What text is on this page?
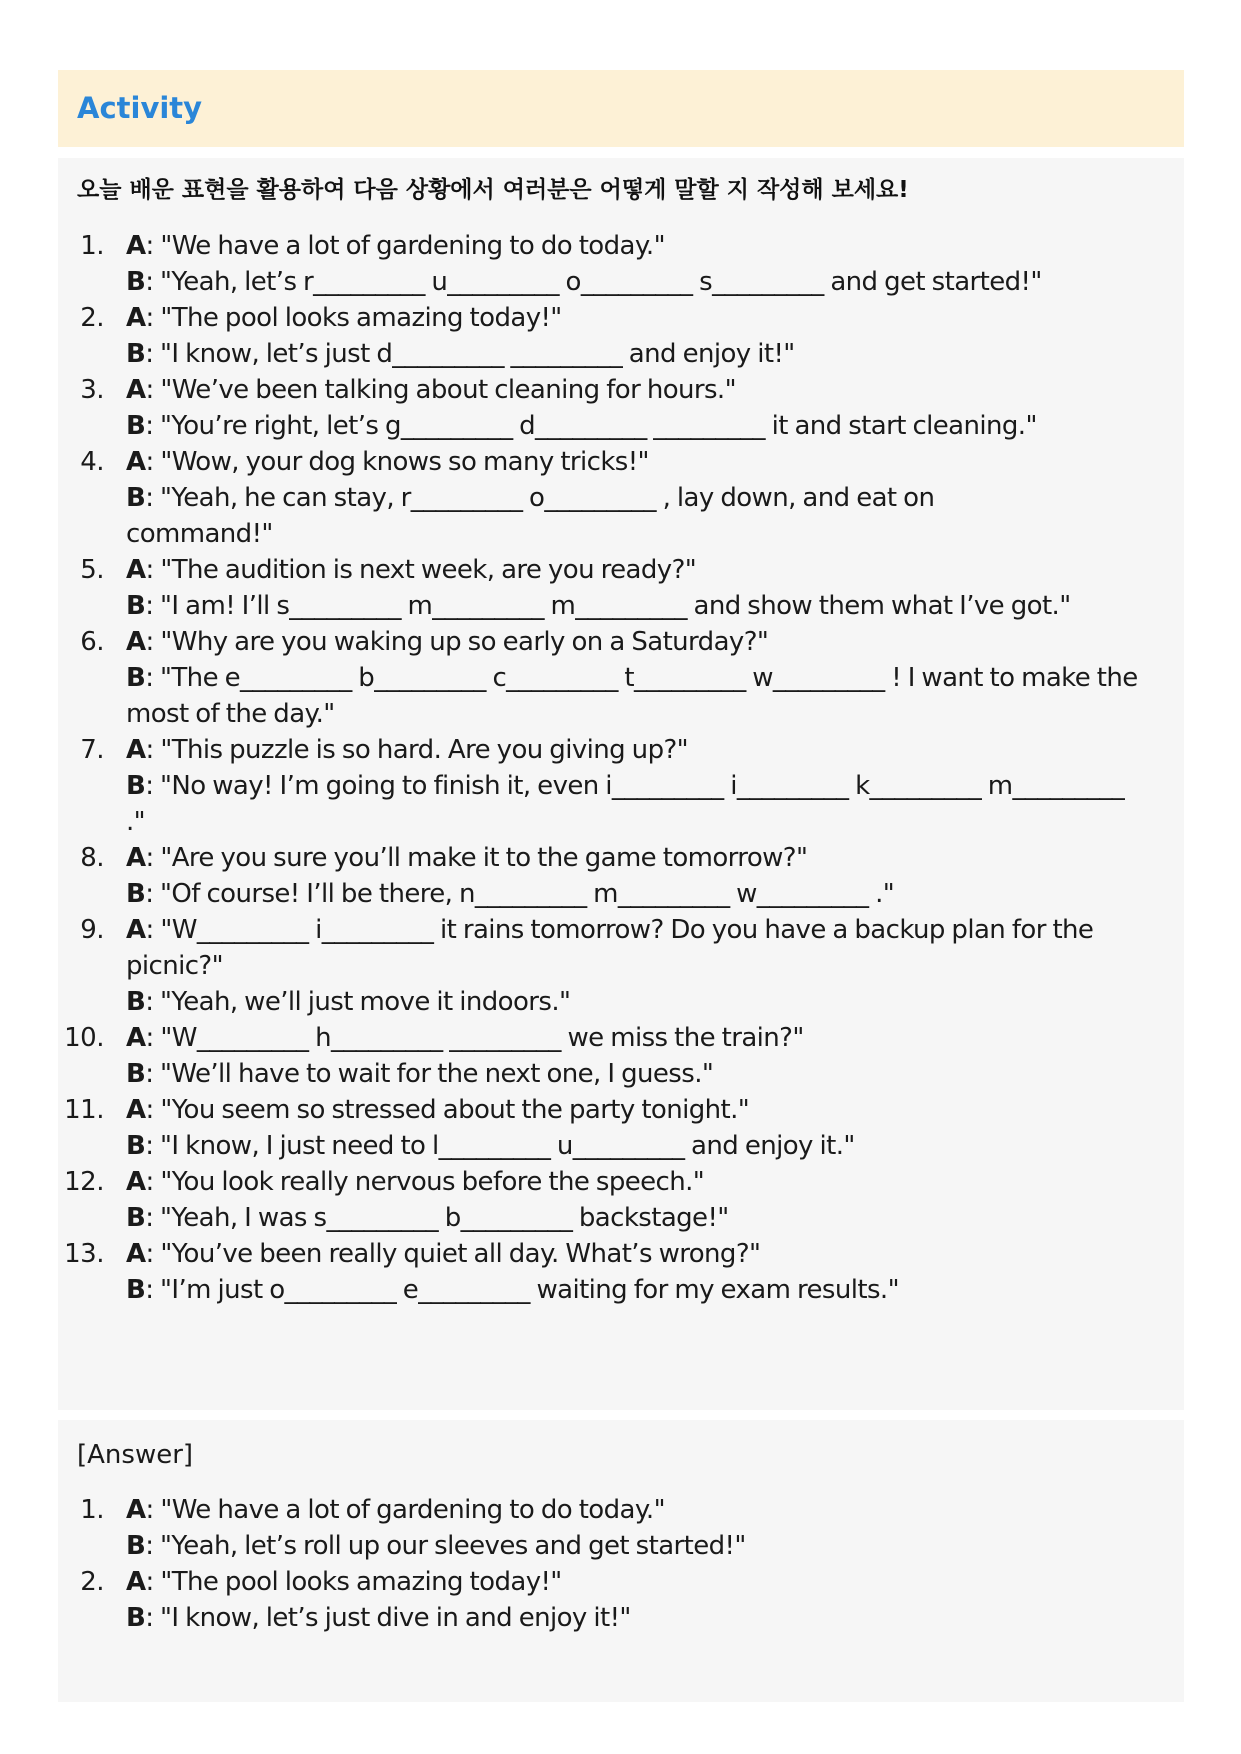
Activity
오늘 배운 표현을 활용하여 다음 상황에서 여러분은 어떻게 말할 지 작성해 보세요!
1. A: "We have a lot of gardening to do today."
B: "Yeah, let’s r_________ u_________ o_________ s_________ and get started!"
2. A: "The pool looks amazing today!"
B: "I know, let’s just d_________ _________ and enjoy it!"
3. A: "We’ve been talking about cleaning for hours."
B: "You’re right, let’s g_________ d_________ _________ it and start cleaning."
4. A: "Wow, your dog knows so many tricks!"
B: "Yeah, he can stay, r_________ o_________ , lay down, and eat on command!"
5. A: "The audition is next week, are you ready?"
B: "I am! I’ll s_________ m_________ m_________ and show them what I’ve got."
6. A: "Why are you waking up so early on a Saturday?"
B: "The e_________ b_________ c_________ t_________ w_________ ! I want to make the most of the day."
7. A: "This puzzle is so hard. Are you giving up?"
B: "No way! I’m going to finish it, even i_________ i_________ k_________ m_________ ."
8. A: "Are you sure you’ll make it to the game tomorrow?"
B: "Of course! I’ll be there, n_________ m_________ w_________ ."
9. A: "W_________ i_________ it rains tomorrow? Do you have a backup plan for the picnic?"
B: "Yeah, we’ll just move it indoors."
10. A: "W_________ h_________ _________ we miss the train?"
B: "We’ll have to wait for the next one, I guess."
11. A: "You seem so stressed about the party tonight."
B: "I know, I just need to l_________ u_________ and enjoy it."
12. A: "You look really nervous before the speech."
B: "Yeah, I was s_________ b_________ backstage!"
13. A: "You’ve been really quiet all day. What’s wrong?"
B: "I’m just o_________ e_________ waiting for my exam results."
[Answer]
1. A: "We have a lot of gardening to do today."
B: "Yeah, let’s roll up our sleeves and get started!"
2. A: "The pool looks amazing today!"
B: "I know, let’s just dive in and enjoy it!"
